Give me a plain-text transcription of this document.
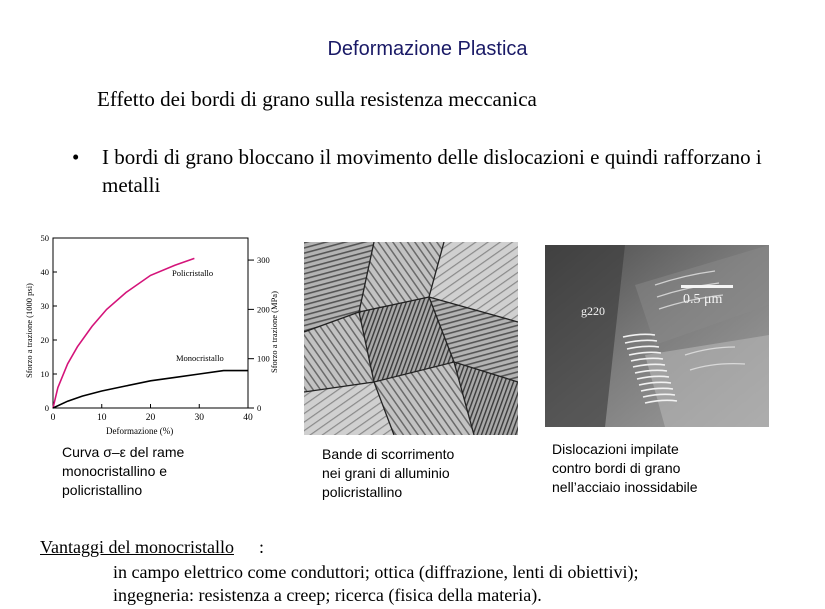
Deformazione Plastica
Effetto dei bordi di grano sulla resistenza meccanica
• I bordi di grano bloccano il movimento delle dislocazioni e quindi rafforzano i metalli
0
10
20
30
40
50
0
100
200
300
0	10	20	30	40
Policristallo
Monocristallo
Deformazione (%)
Sforzo a trazione (1000 psi)	Sforzo a trazione (MPa)	0.5 μm
g220
Curva σ–ε del rame
monocristallino e
policristallino
Bande di scorrimento
nei grani di alluminio
policristallino
Dislocazioni impilate
contro bordi di grano
nell’acciaio inossidabile
Vantaggi del monocristallo :
in campo elettrico come conduttori; ottica (diffrazione, lenti di obiettivi);
ingegneria: resistenza a creep; ricerca (fisica della materia).
